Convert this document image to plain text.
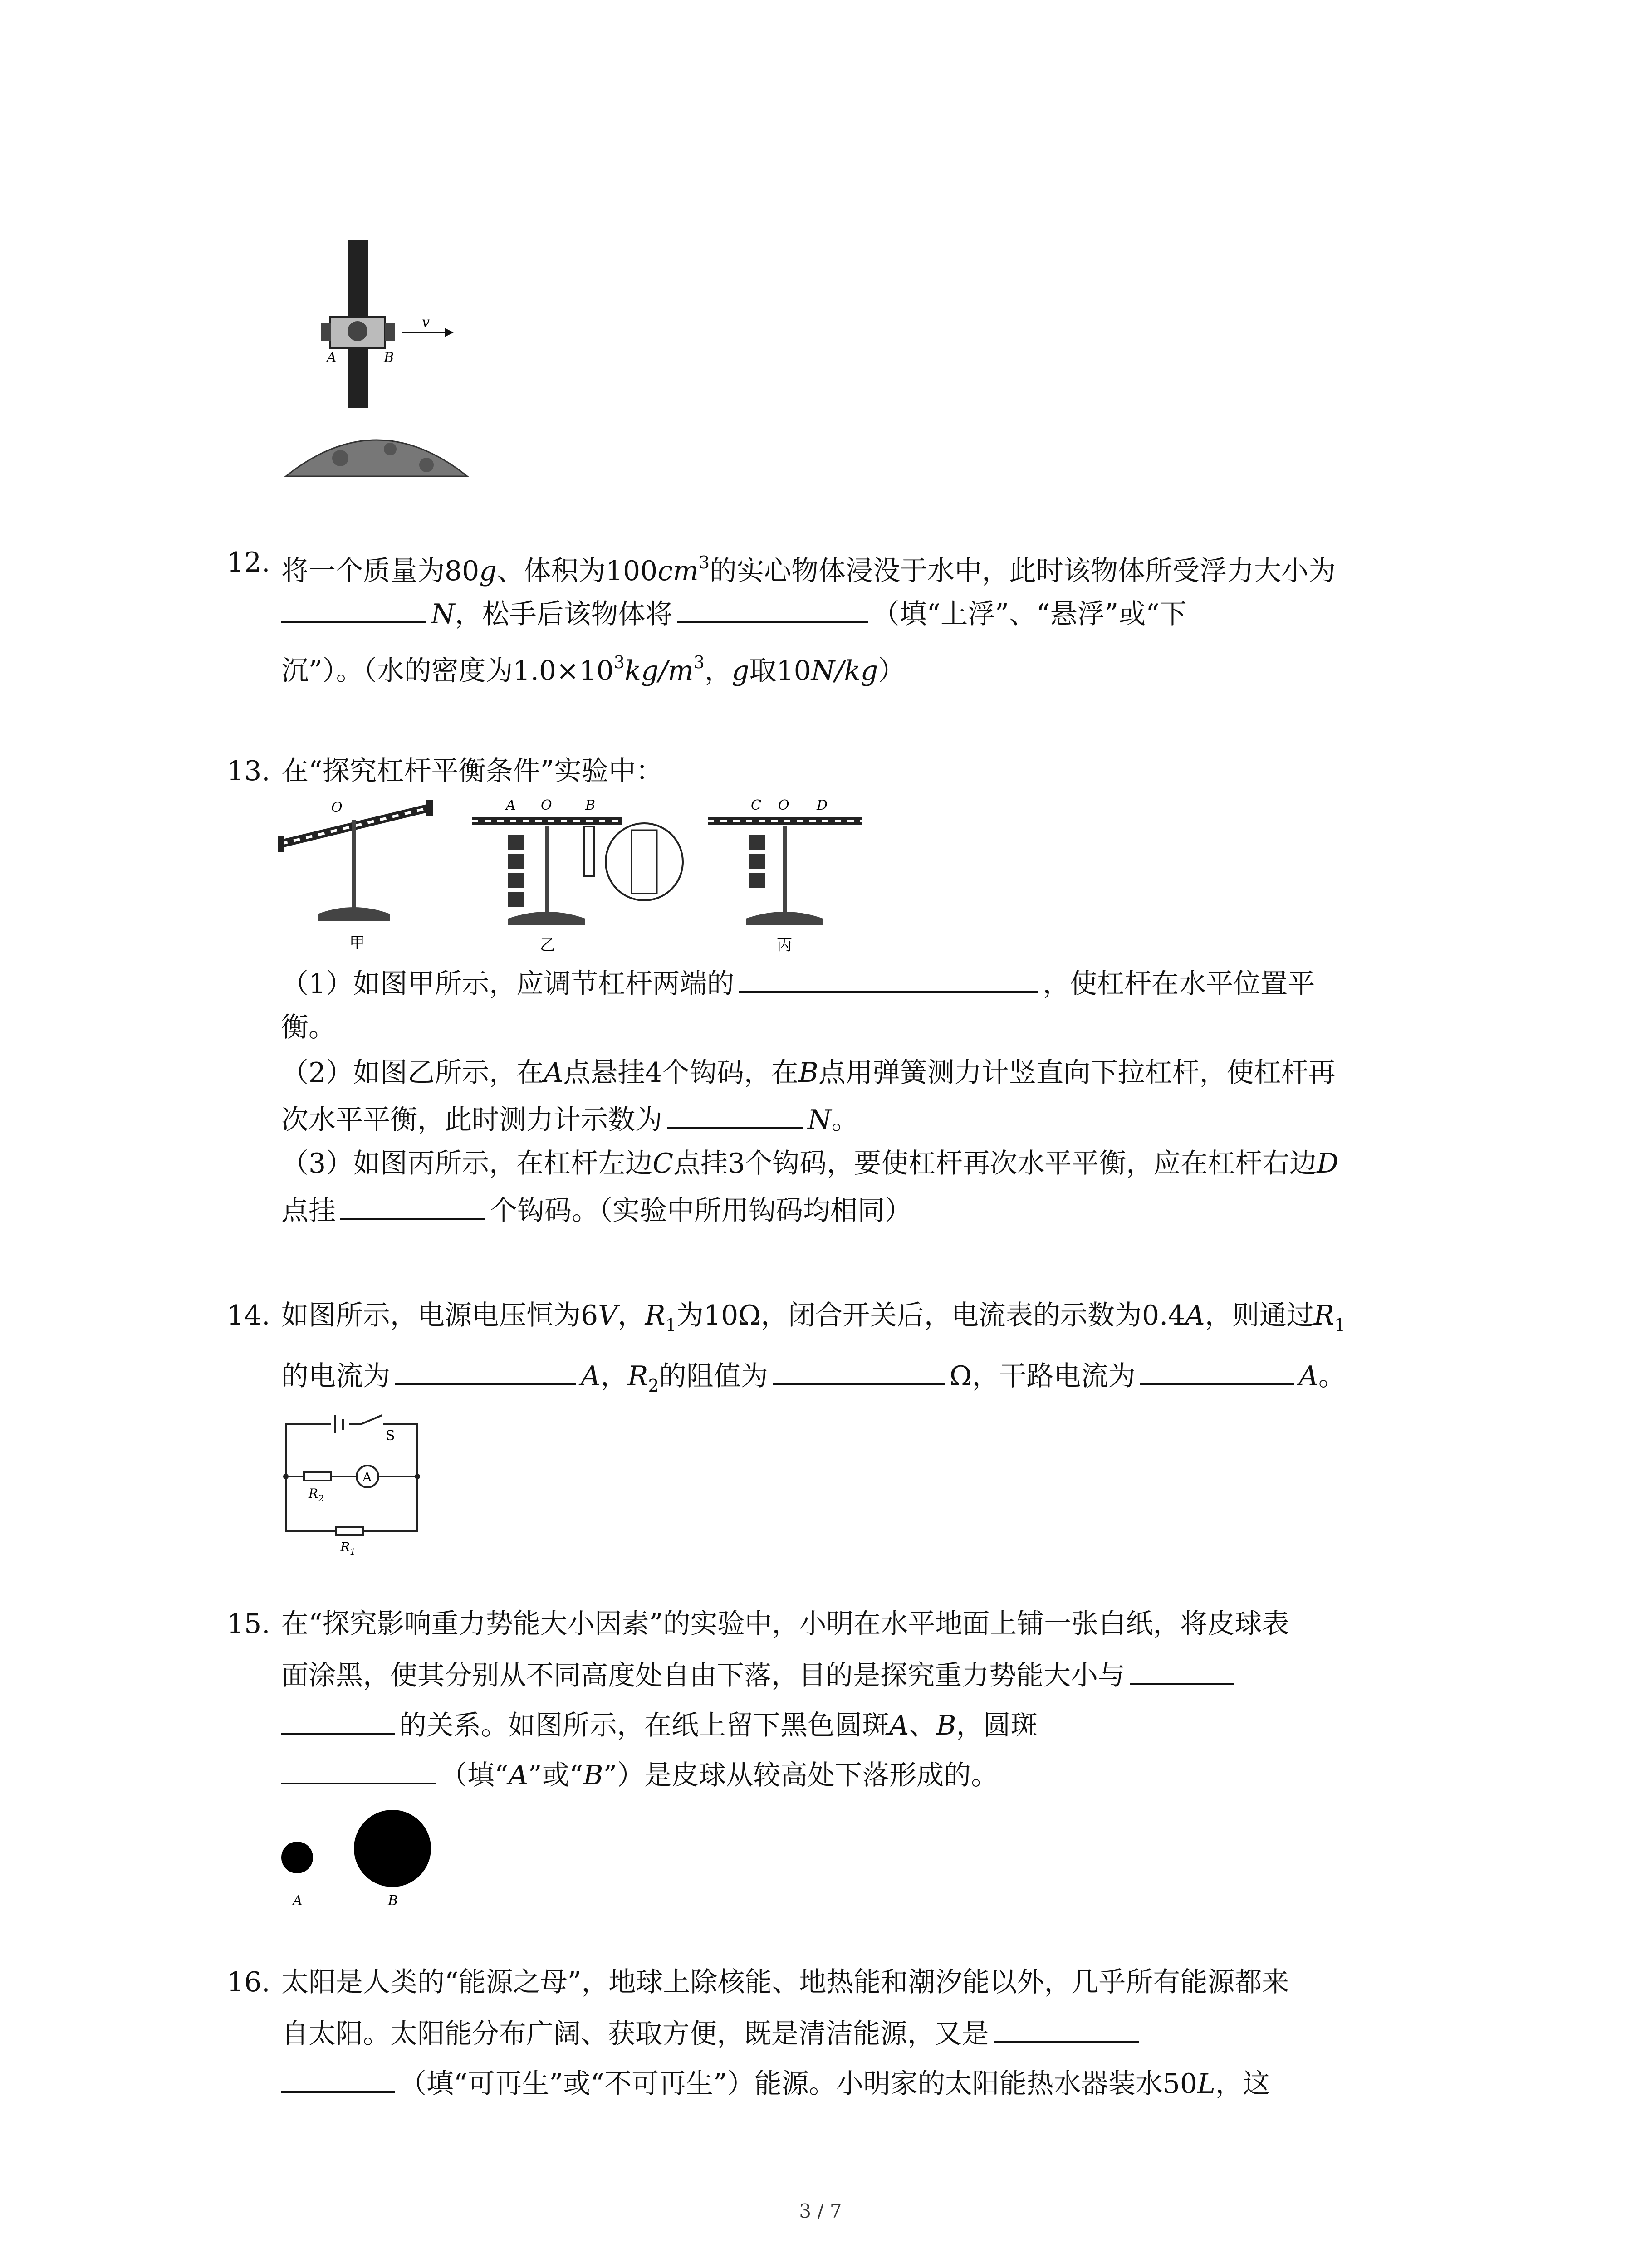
v
A	B
12. 将一个质量为80g、体积为$100cm^3$的实心物体浸没于水中，此时该物体所受浮力大小为
N，松手后该物体将	（填“上浮”、“悬浮”或“下
沉”）。（水的密度为$1.0\times 10^3kg/m^3$，g取10N/kg）
13. 在“探究杠杆平衡条件”实验中：
O
甲
A O B
乙
C O D
丙
（1）如图甲所示，应调节杠杆两端的	，使杠杆在水平位置平
衡。
（2）如图乙所示，在A点悬挂4个钩码，在B点用弹簧测力计竖直向下拉杠杆，使杠杆再
次水平平衡，此时测力计示数为	N。
（3）如图丙所示，在杠杆左边C点挂3个钩码，要使杠杆再次水平平衡，应在杠杆右边D
点挂	个钩码。（实验中所用钩码均相同）
14. 如图所示，电源电压恒为6V，$R_1$为10Ω，闭合开关后，电流表的示数为0.4A，则通过$R_1$
的电流为	A，$R_2$的阻值为	Ω，干路电流为	A。
S
A
$R_2$
$R_1$
15. 在“探究影响重力势能大小因素”的实验中，小明在水平地面上铺一张白纸，将皮球表
面涂黑，使其分别从不同高度处自由下落，目的是探究重力势能大小与
的关系。如图所示，在纸上留下黑色圆斑A、B，圆斑
（填“A”或“B”）是皮球从较高处下落形成的。
A	B
16. 太阳是人类的“能源之母”，地球上除核能、地热能和潮汐能以外，几乎所有能源都来
自太阳。太阳能分布广阔、获取方便，既是清洁能源，又是
（填“可再生”或“不可再生”）能源。小明家的太阳能热水器装水50L，这
3 / 7
